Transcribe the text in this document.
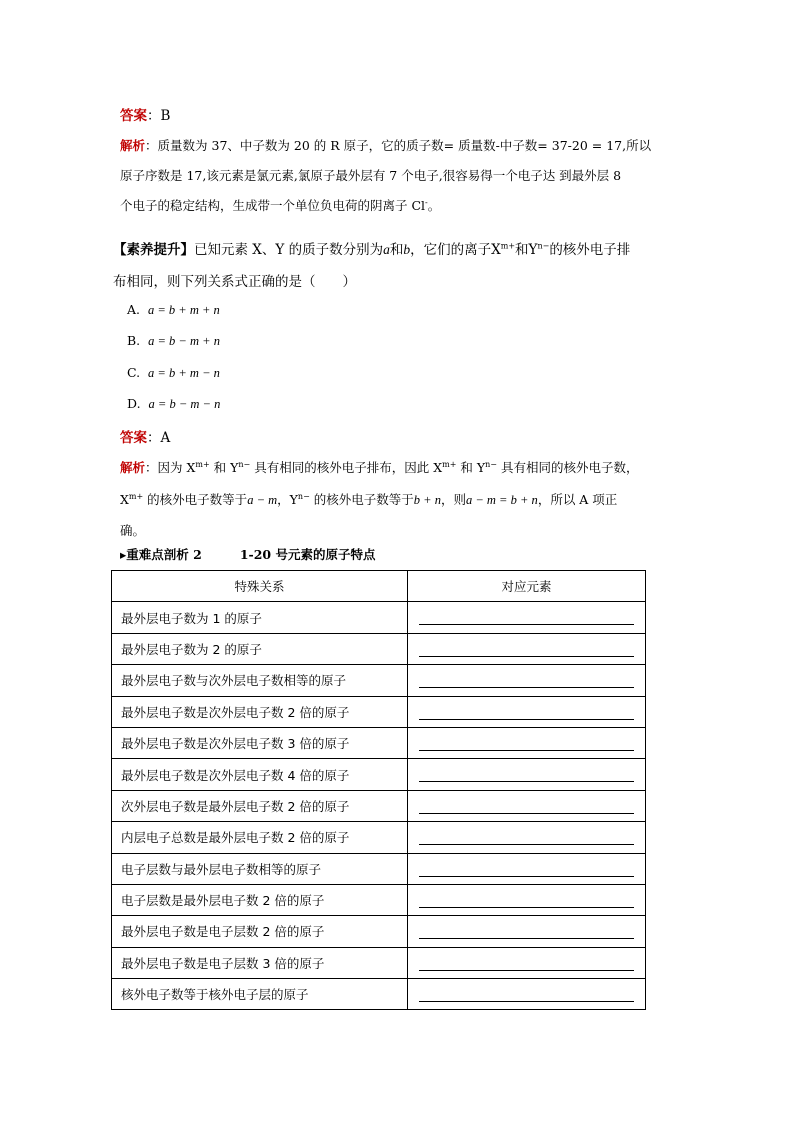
答案：B
解析：质量数为 37、中子数为 20 的 R 原子，它的质子数= 质量数-中子数= 37-20 = 17,所以
原子序数是 17,该元素是氯元素,氯原子最外层有 7 个电子,很容易得一个电子达 到最外层 8
个电子的稳定结构，生成带一个单位负电荷的阴离子 Cl-。
【素养提升】已知元素 X、Y 的质子数分别为a和b，它们的离子$X^{m+}$和$Y^{n-}$的核外电子排
布相同，则下列关系式正确的是（　　）
A. a = b + m + n
B. a = b − m + n
C. a = b + m − n
D. a = b − m − n
答案：A
解析：因为 $X^{m+}$ 和 $Y^{n-}$ 具有相同的核外电子排布，因此 $X^{m+}$ 和 $Y^{n-}$ 具有相同的核外电子数，
$X^{m+}$ 的核外电子数等于a − m，$Y^{n-}$ 的核外电子数等于b + n，则a − m = b + n，所以 A 项正
确。
▸重难点剖析 2	1-20 号元素的原子特点
特殊关系	对应元素
最外层电子数为 1 的原子	

最外层电子数为 2 的原子	

最外层电子数与次外层电子数相等的原子	

最外层电子数是次外层电子数 2 倍的原子	

最外层电子数是次外层电子数 3 倍的原子	

最外层电子数是次外层电子数 4 倍的原子	

次外层电子数是最外层电子数 2 倍的原子	

内层电子总数是最外层电子数 2 倍的原子	

电子层数与最外层电子数相等的原子	

电子层数是最外层电子数 2 倍的原子	

最外层电子数是电子层数 2 倍的原子	

最外层电子数是电子层数 3 倍的原子	

核外电子数等于核外电子层的原子	
